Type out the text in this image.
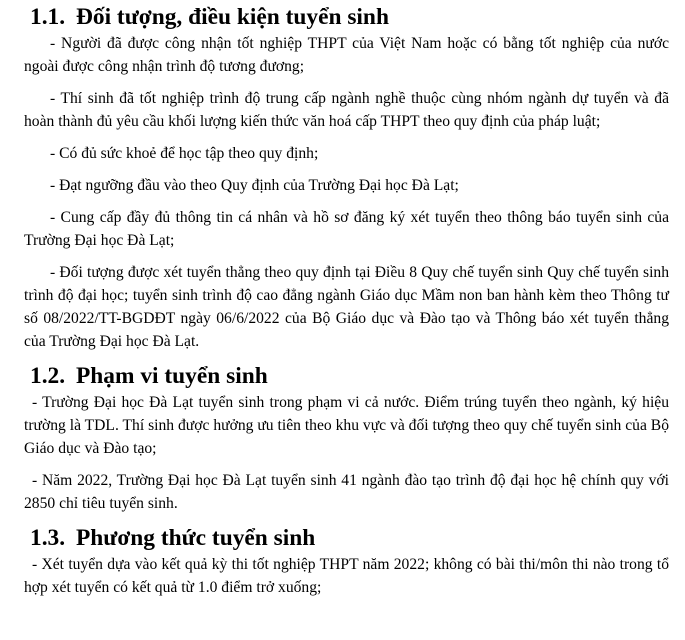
1.1. Đối tượng, điều kiện tuyển sinh

- Người đã được công nhận tốt nghiệp THPT của Việt Nam hoặc có bằng tốt nghiệp của nước ngoài được công nhận trình độ tương đương;

- Thí sinh đã tốt nghiệp trình độ trung cấp ngành nghề thuộc cùng nhóm ngành dự tuyển và đã hoàn thành đủ yêu cầu khối lượng kiến thức văn hoá cấp THPT theo quy định của pháp luật;

- Có đủ sức khoẻ để học tập theo quy định;

- Đạt ngưỡng đầu vào theo Quy định của Trường Đại học Đà Lạt;

- Cung cấp đầy đủ thông tin cá nhân và hồ sơ đăng ký xét tuyển theo thông báo tuyển sinh của Trường Đại học Đà Lạt;

- Đối tượng được xét tuyển thẳng theo quy định tại Điều 8 Quy chế tuyển sinh Quy chế tuyển sinh trình độ đại học; tuyển sinh trình độ cao đẳng ngành Giáo dục Mầm non ban hành kèm theo Thông tư số 08/2022/TT-BGDĐT ngày 06/6/2022 của Bộ Giáo dục và Đào tạo và Thông báo xét tuyển thẳng của Trường Đại học Đà Lạt.

1.2. Phạm vi tuyển sinh

- Trường Đại học Đà Lạt tuyển sinh trong phạm vi cả nước. Điểm trúng tuyển theo ngành, ký hiệu trường là TDL. Thí sinh được hưởng ưu tiên theo khu vực và đối tượng theo quy chế tuyển sinh của Bộ Giáo dục và Đào tạo;

- Năm 2022, Trường Đại học Đà Lạt tuyển sinh 41 ngành đào tạo trình độ đại học hệ chính quy với 2850 chỉ tiêu tuyển sinh.

1.3. Phương thức tuyển sinh

- Xét tuyển dựa vào kết quả kỳ thi tốt nghiệp THPT năm 2022; không có bài thi/môn thi nào trong tổ hợp xét tuyển có kết quả từ 1.0 điểm trở xuống;
